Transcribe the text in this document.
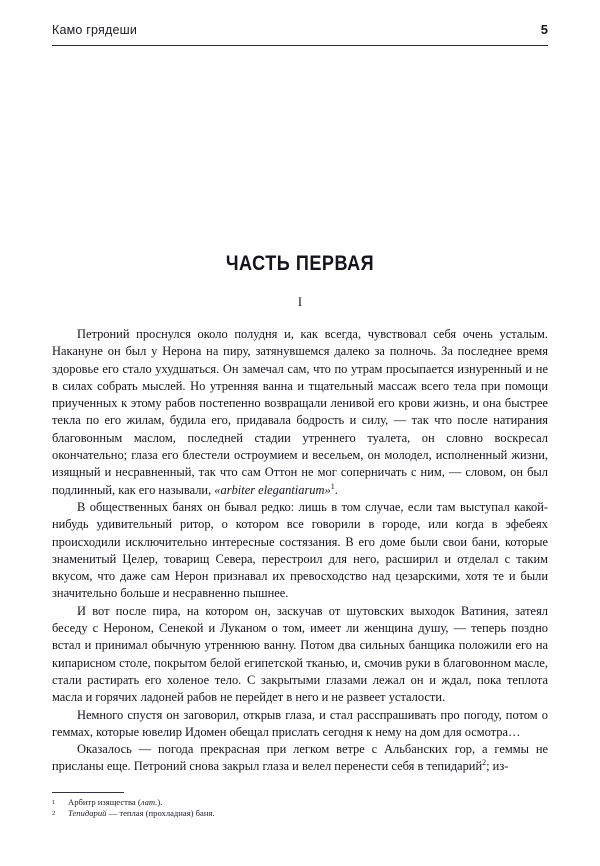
Камо грядеши	5
ЧАСТЬ ПЕРВАЯ
I

Петроний проснулся около полудня и, как всегда, чувствовал себя очень усталым. Накануне он был у Нерона на пиру, затянувшемся далеко за полночь. За последнее время здоровье его стало ухудшаться. Он замечал сам, что по утрам просыпается изнуренный и не в силах собрать мыслей. Но утренняя ванна и тщательный массаж всего тела при помощи приученных к этому рабов постепенно возвращали ленивой его крови жизнь, и она быстрее текла по его жилам, будила его, придавала бодрость и силу, — так что после натирания благовонным маслом, последней стадии утреннего туалета, он словно воскресал окончательно; глаза его блестели остроумием и весельем, он молодел, исполненный жизни, изящный и несравненный, так что сам Оттон не мог соперничать с ним, — словом, он был подлинный, как его называли, «arbiter elegantiarum»$^1$.

В общественных банях он бывал редко: лишь в том случае, если там выступал какой-нибудь удивительный ритор, о котором все говорили в городе, или когда в эфебеях происходили исключительно интересные состязания. В его доме были свои бани, которые знаменитый Целер, товарищ Севера, перестроил для него, расширил и отделал с таким вкусом, что даже сам Нерон признавал их превосходство над цезарскими, хотя те и были значительно больше и несравненно пышнее.

И вот после пира, на котором он, заскучав от шутовских выходок Ватиния, затеял беседу с Нероном, Сенекой и Луканом о том, имеет ли женщина душу, — теперь поздно встал и принимал обычную утреннюю ванну. Потом два сильных банщика положили его на кипарисном столе, покрытом белой египетской тканью, и, смочив руки в благовонном масле, стали растирать его холеное тело. С закрытыми глазами лежал он и ждал, пока теплота масла и горячих ладоней рабов не перейдет в него и не развеет усталости.

Немного спустя он заговорил, открыв глаза, и стал расспрашивать про погоду, потом о геммах, которые ювелир Идомен обещал прислать сегодня к нему на дом для осмотра…

Оказалось — погода прекрасная при легком ветре с Альбанских гор, а геммы не присланы еще. Петроний снова закрыл глаза и велел перенести себя в тепидарий$^2$; из-

1	Арбитр изящества (лат.).
2	Тепидарий — теплая (прохладная) баня.
